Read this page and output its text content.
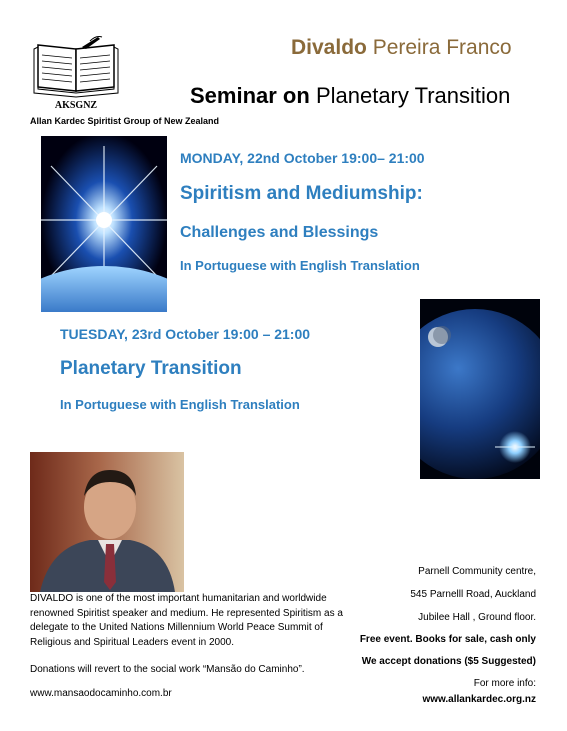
AKSGNZ
Allan Kardec Spiritist Group of New Zealand
Divaldo Pereira Franco
Seminar on Planetary Transition
MONDAY, 22nd October 19:00– 21:00
Spiritism and Mediumship:
Challenges and Blessings
In Portuguese with English Translation
TUESDAY, 23rd October 19:00 – 21:00
Planetary Transition
In Portuguese with English Translation
DIVALDO is one of the most important humanitarian and worldwide renowned Spiritist speaker and medium. He represented Spiritism as a delegate to the United Nations Millennium World Peace Summit of Religious and Spiritual Leaders event in 2000.
Donations will revert to the social work “Mansão do Caminho”.
www.mansaodocaminho.com.br
Parnell Community centre,
545 Parnelll Road, Auckland
Jubilee Hall , Ground floor.
Free event. Books for sale, cash only
We accept donations ($5 Suggested)
For more info:
www.allankardec.org.nz
